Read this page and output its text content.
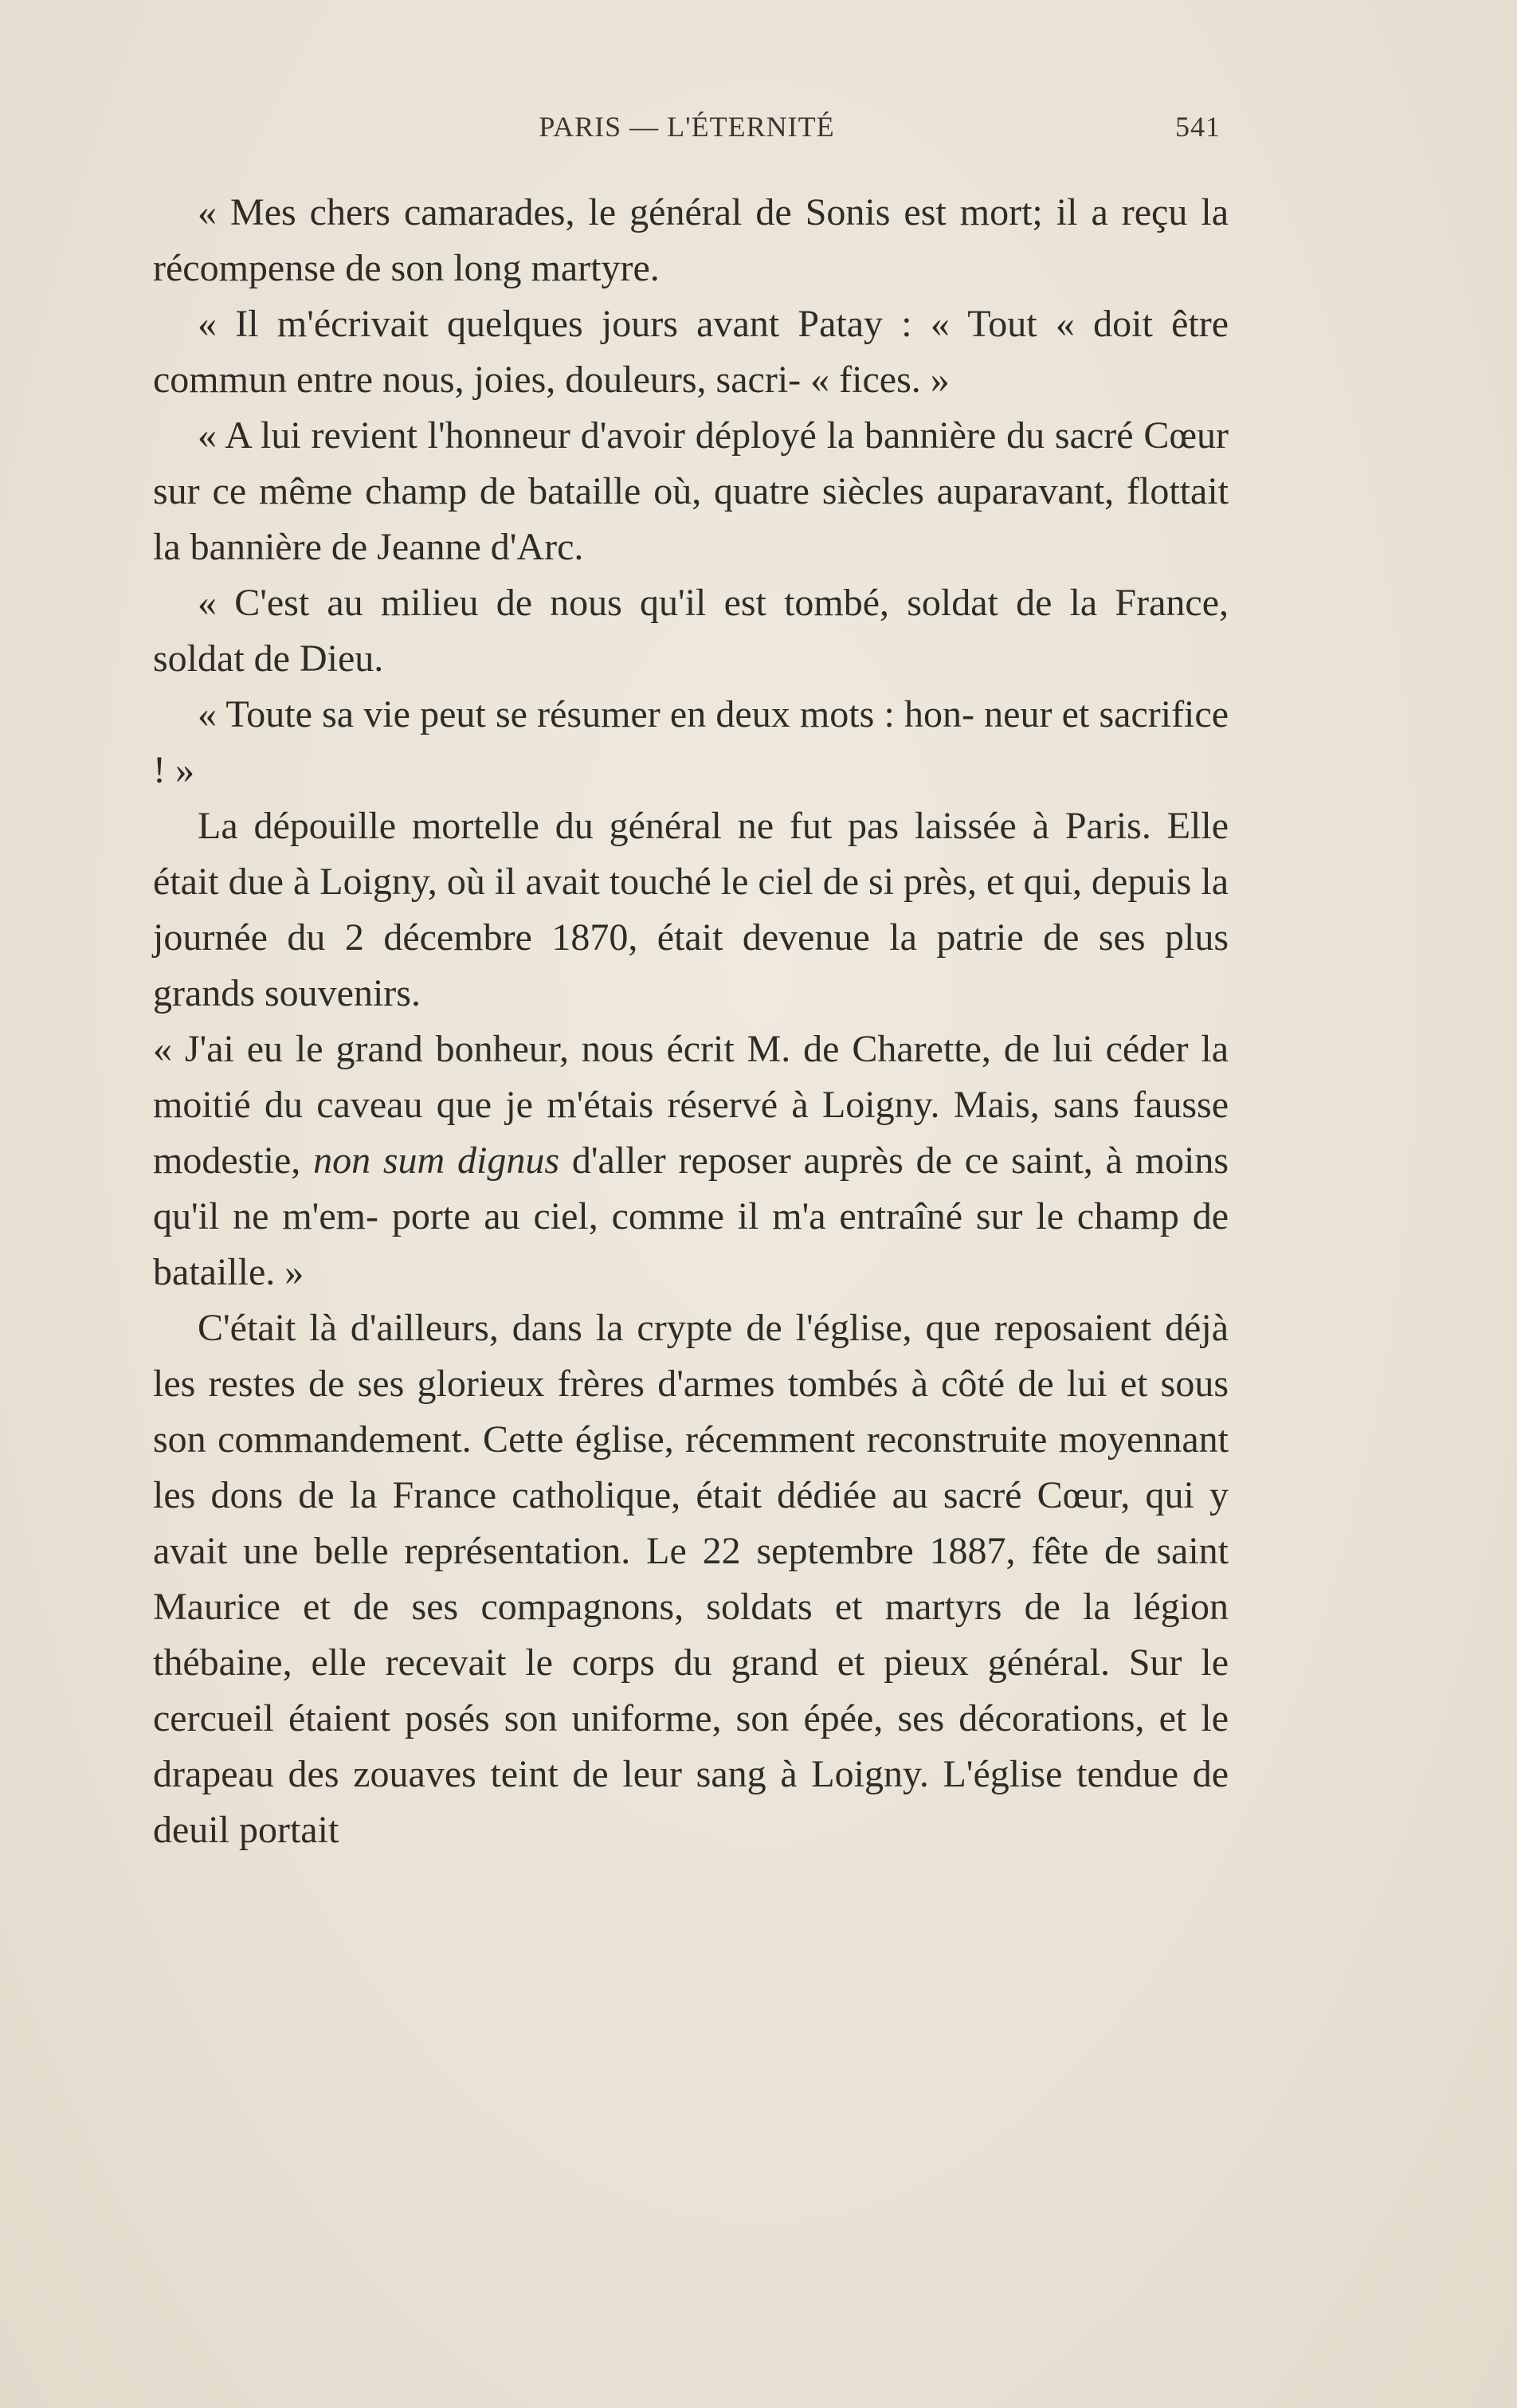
PARIS — L'ÉTERNITÉ	541

« Mes chers camarades, le général de Sonis est mort; il a reçu la récompense de son long martyre.

« Il m'écrivait quelques jours avant Patay : « Tout « doit être commun entre nous, joies, douleurs, sacri- « fices. »

« A lui revient l'honneur d'avoir déployé la bannière du sacré Cœur sur ce même champ de bataille où, quatre siècles auparavant, flottait la bannière de Jeanne d'Arc.

« C'est au milieu de nous qu'il est tombé, soldat de la France, soldat de Dieu.

« Toute sa vie peut se résumer en deux mots : hon- neur et sacrifice ! »

La dépouille mortelle du général ne fut pas laissée à Paris. Elle était due à Loigny, où il avait touché le ciel de si près, et qui, depuis la journée du 2 décembre 1870, était devenue la patrie de ses plus grands souvenirs.

« J'ai eu le grand bonheur, nous écrit M. de Charette, de lui céder la moitié du caveau que je m'étais réservé à Loigny. Mais, sans fausse modestie, non sum dignus d'aller reposer auprès de ce saint, à moins qu'il ne m'em- porte au ciel, comme il m'a entraîné sur le champ de bataille. »

C'était là d'ailleurs, dans la crypte de l'église, que reposaient déjà les restes de ses glorieux frères d'armes tombés à côté de lui et sous son commandement. Cette église, récemment reconstruite moyennant les dons de la France catholique, était dédiée au sacré Cœur, qui y avait une belle représentation. Le 22 septembre 1887, fête de saint Maurice et de ses compagnons, soldats et martyrs de la légion thébaine, elle recevait le corps du grand et pieux général. Sur le cercueil étaient posés son uniforme, son épée, ses décorations, et le drapeau des zouaves teint de leur sang à Loigny. L'église tendue de deuil portait
